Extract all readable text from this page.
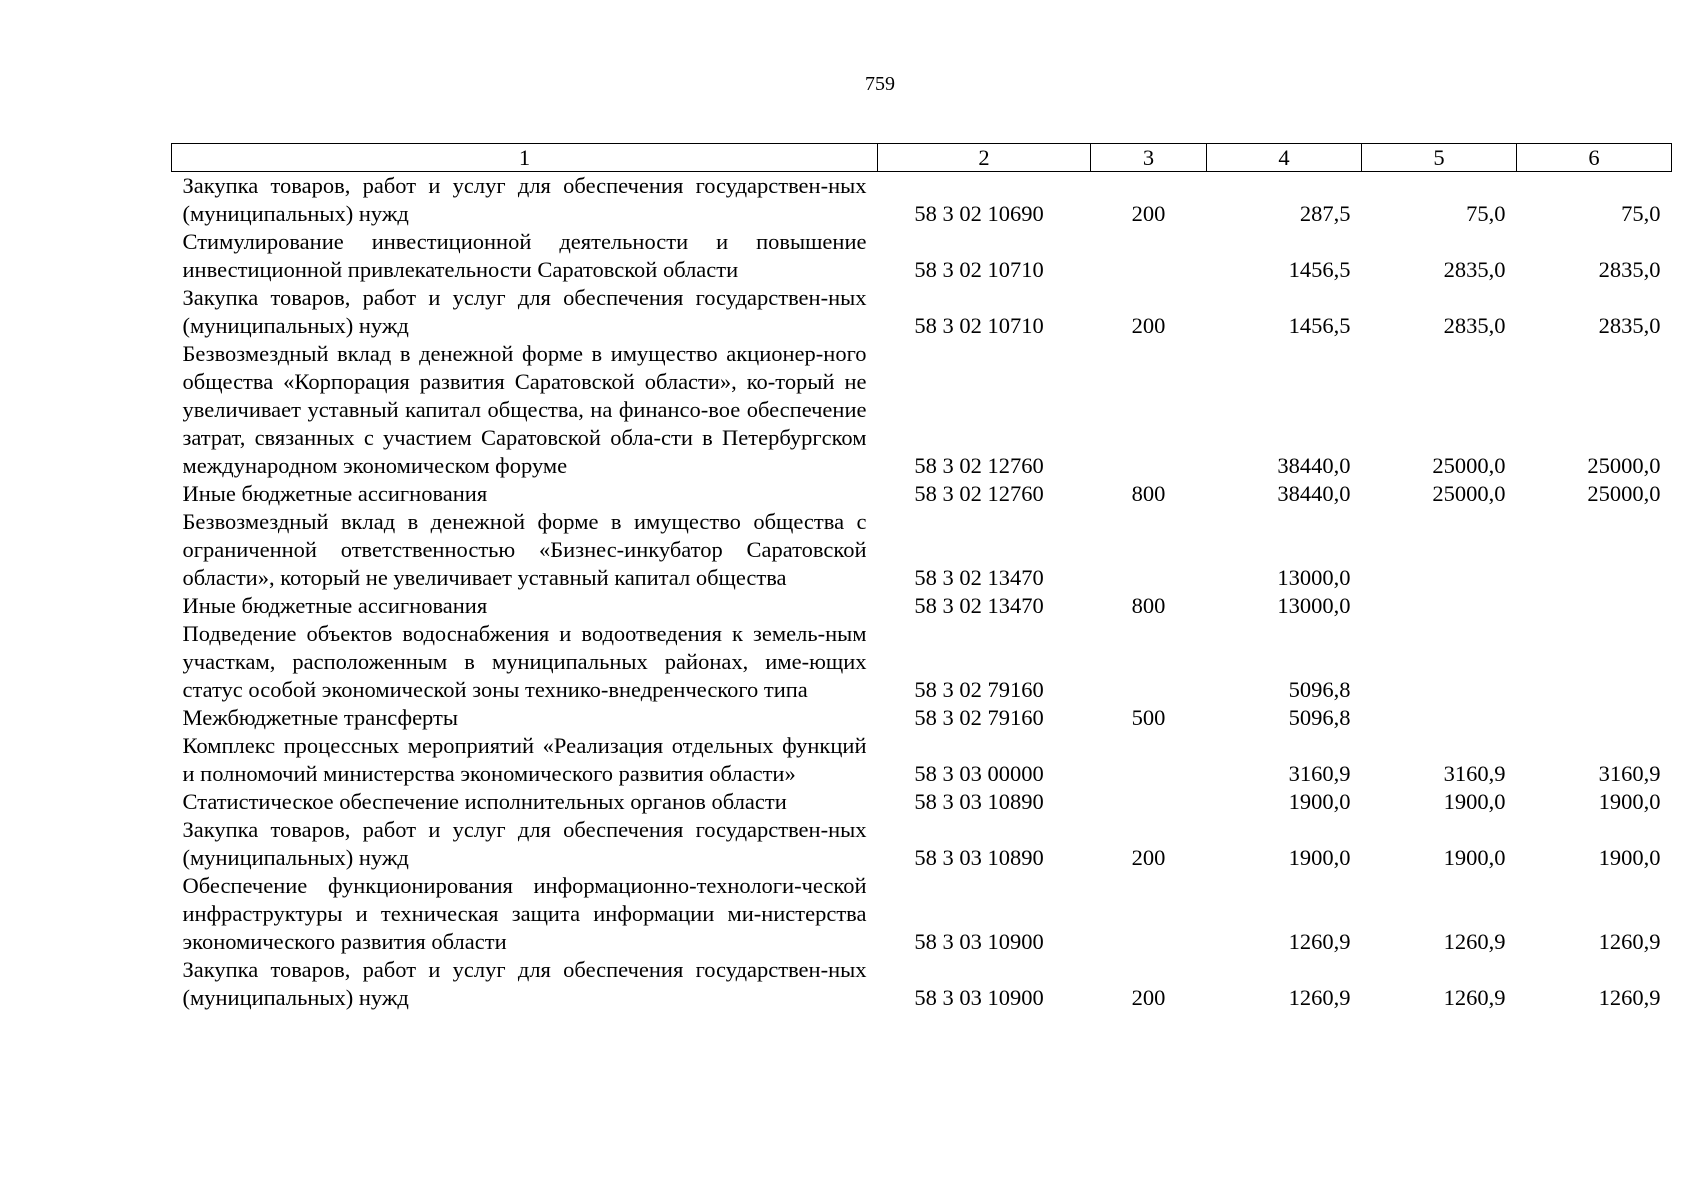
759
1	2	3	4	5	6
Закупка товаров, работ и услуг для обеспечения государствен-ных (муниципальных) нужд	58 3 02 10690	200	287,5	75,0	75,0
Стимулирование инвестиционной деятельности и повышение инвестиционной привлекательности Саратовской области	58 3 02 10710		1456,5	2835,0	2835,0
Закупка товаров, работ и услуг для обеспечения государствен-ных (муниципальных) нужд	58 3 02 10710	200	1456,5	2835,0	2835,0
Безвозмездный вклад в денежной форме в имущество акционер-ного общества «Корпорация развития Саратовской области», ко-торый не увеличивает уставный капитал общества, на финансо-вое обеспечение затрат, связанных с участием Саратовской обла-сти в Петербургском международном экономическом форуме	58 3 02 12760		38440,0	25000,0	25000,0
Иные бюджетные ассигнования	58 3 02 12760	800	38440,0	25000,0	25000,0
Безвозмездный вклад в денежной форме в имущество общества с ограниченной ответственностью «Бизнес-инкубатор Саратовской области», который не увеличивает уставный капитал общества	58 3 02 13470		13000,0		
Иные бюджетные ассигнования	58 3 02 13470	800	13000,0		
Подведение объектов водоснабжения и водоотведения к земель-ным участкам, расположенным в муниципальных районах, име-ющих статус особой экономической зоны технико-внедренческого типа	58 3 02 79160		5096,8		
Межбюджетные трансферты	58 3 02 79160	500	5096,8		
Комплекс процессных мероприятий «Реализация отдельных функций и полномочий министерства экономического развития области»	58 3 03 00000		3160,9	3160,9	3160,9
Статистическое обеспечение исполнительных органов области	58 3 03 10890		1900,0	1900,0	1900,0
Закупка товаров, работ и услуг для обеспечения государствен-ных (муниципальных) нужд	58 3 03 10890	200	1900,0	1900,0	1900,0
Обеспечение функционирования информационно-технологи-ческой инфраструктуры и техническая защита информации ми-нистерства экономического развития области	58 3 03 10900		1260,9	1260,9	1260,9
Закупка товаров, работ и услуг для обеспечения государствен-ных (муниципальных) нужд	58 3 03 10900	200	1260,9	1260,9	1260,9
